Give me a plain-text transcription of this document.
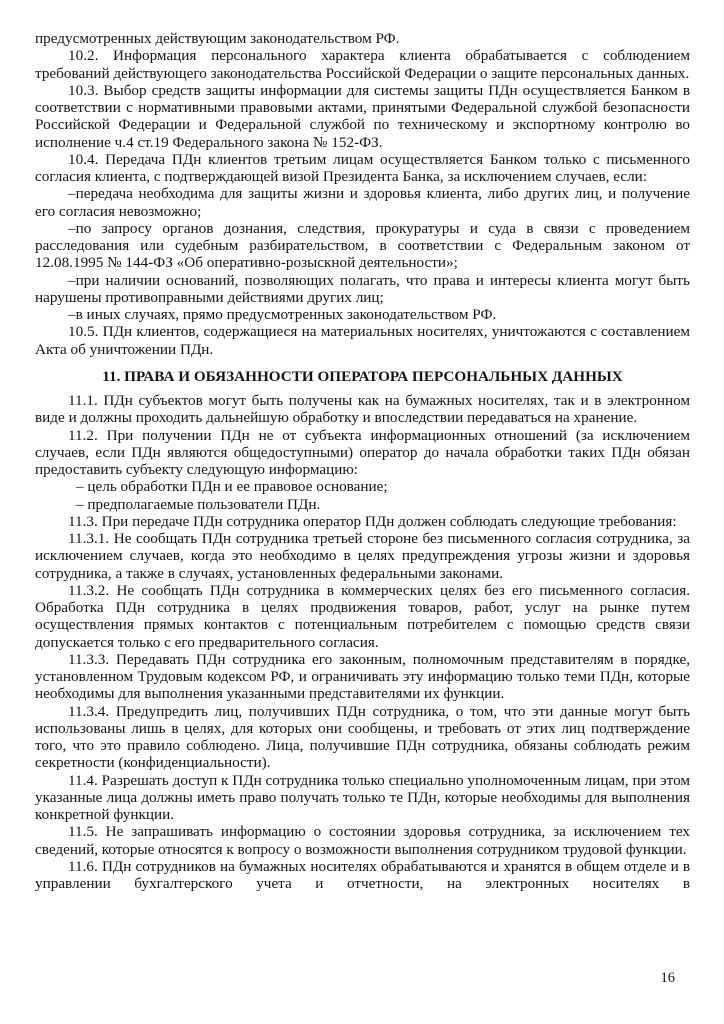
предусмотренных действующим законодательством РФ.

10.2. Информация персонального характера клиента обрабатывается с соблюдением требований действующего законодательства Российской Федерации о защите персональных данных.

10.3. Выбор средств защиты информации для системы защиты ПДн осуществляется Банком в соответствии с нормативными правовыми актами, принятыми Федеральной службой безопасности Российской Федерации и Федеральной службой по техническому и экспортному контролю во исполнение ч.4 ст.19 Федерального закона № 152-ФЗ.

10.4. Передача ПДн клиентов третьим лицам осуществляется Банком только с письменного согласия клиента, с подтверждающей визой Президента Банка, за исключением случаев, если:

–передача необходима для защиты жизни и здоровья клиента, либо других лиц, и получение его согласия невозможно;

–по запросу органов дознания, следствия, прокуратуры и суда в связи с проведением расследования или судебным разбирательством, в соответствии с Федеральным законом от 12.08.1995 № 144-ФЗ «Об оперативно-розыскной деятельности»;

–при наличии оснований, позволяющих полагать, что права и интересы клиента могут быть нарушены противоправными действиями других лиц;

–в иных случаях, прямо предусмотренных законодательством РФ.

10.5. ПДн клиентов, содержащиеся на материальных носителях, уничтожаются с составлением Акта об уничтожении ПДн.

11. ПРАВА И ОБЯЗАННОСТИ ОПЕРАТОРА ПЕРСОНАЛЬНЫХ ДАННЫХ

11.1. ПДн субъектов могут быть получены как на бумажных носителях, так и в электронном виде и должны проходить дальнейшую обработку и впоследствии передаваться на хранение.

11.2. При получении ПДн не от субъекта информационных отношений (за исключением случаев, если ПДн являются общедоступными) оператор до начала обработки таких ПДн обязан предоставить субъекту следующую информацию:

– цель обработки ПДн и ее правовое основание;

– предполагаемые пользователи ПДн.

11.3. При передаче ПДн сотрудника оператор ПДн должен соблюдать следующие требования:

11.3.1. Не сообщать ПДн сотрудника третьей стороне без письменного согласия сотрудника, за исключением случаев, когда это необходимо в целях предупреждения угрозы жизни и здоровья сотрудника, а также в случаях, установленных федеральными законами.

11.3.2. Не сообщать ПДн сотрудника в коммерческих целях без его письменного согласия. Обработка ПДн сотрудника в целях продвижения товаров, работ, услуг на рынке путем осуществления прямых контактов с потенциальным потребителем с помощью средств связи допускается только с его предварительного согласия.

11.3.3. Передавать ПДн сотрудника его законным, полномочным представителям в порядке, установленном Трудовым кодексом РФ, и ограничивать эту информацию только теми ПДн, которые необходимы для выполнения указанными представителями их функции.

11.3.4. Предупредить лиц, получивших ПДн сотрудника, о том, что эти данные могут быть использованы лишь в целях, для которых они сообщены, и требовать от этих лиц подтверждение того, что это правило соблюдено. Лица, получившие ПДн сотрудника, обязаны соблюдать режим секретности (конфиденциальности).

11.4. Разрешать доступ к ПДн сотрудника только специально уполномоченным лицам, при этом указанные лица должны иметь право получать только те ПДн, которые необходимы для выполнения конкретной функции.

11.5. Не запрашивать информацию о состоянии здоровья сотрудника, за исключением тех сведений, которые относятся к вопросу о возможности выполнения сотрудником трудовой функции.

11.6. ПДн сотрудников на бумажных носителях обрабатываются и хранятся в общем отделе и в управлении бухгалтерского учета и отчетности, на электронных носителях в

16
